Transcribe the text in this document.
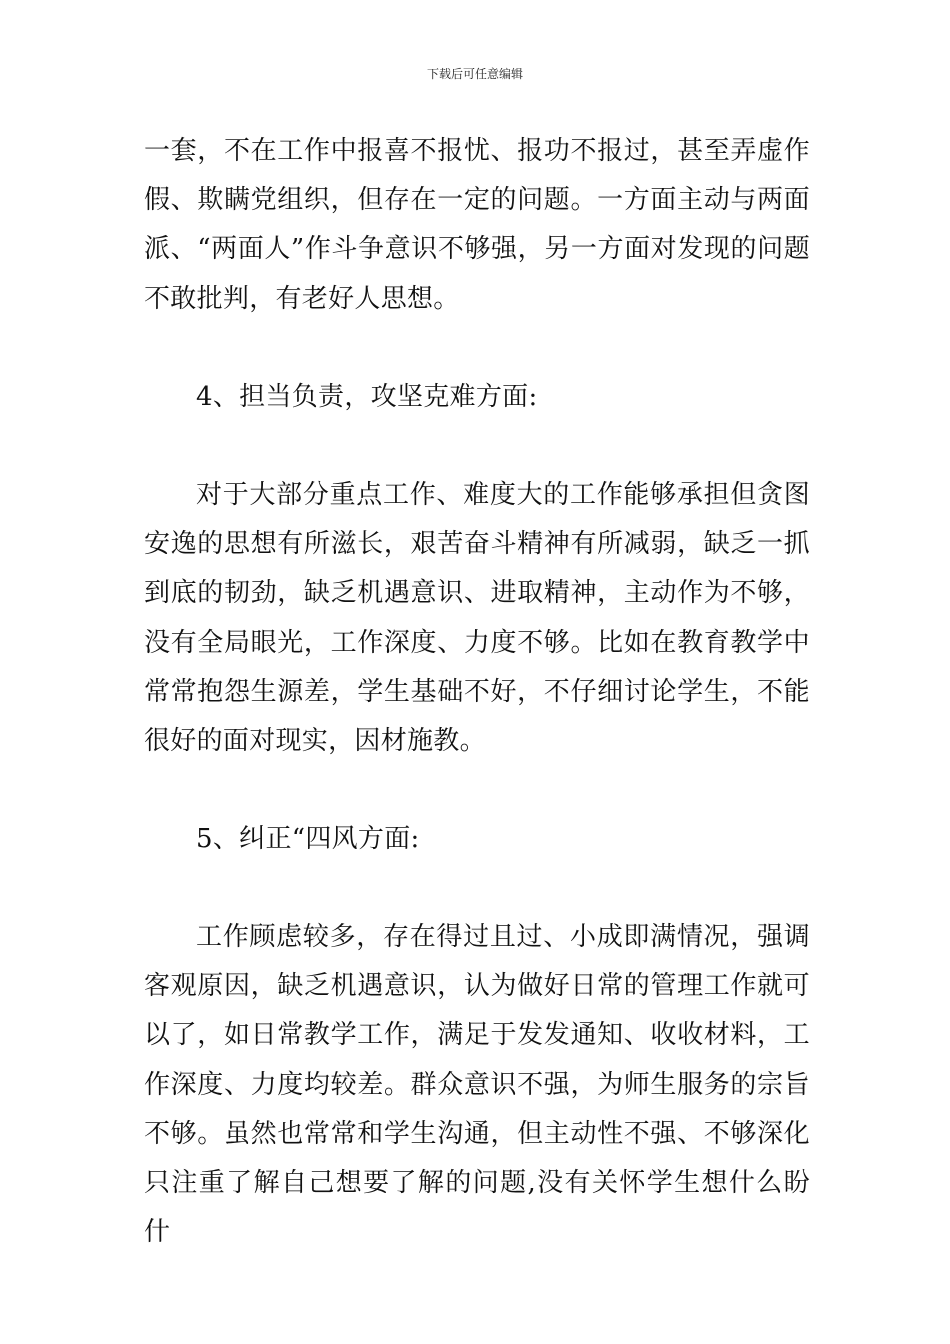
下载后可任意编辑

一套，不在工作中报喜不报忧、报功不报过，甚至弄虚作假、欺瞒党组织，但存在一定的问题。一方面主动与两面派、“两面人”作斗争意识不够强，另一方面对发现的问题不敢批判，有老好人思想。

4、担当负责，攻坚克难方面:

对于大部分重点工作、难度大的工作能够承担但贪图安逸的思想有所滋长，艰苦奋斗精神有所减弱，缺乏一抓到底的韧劲，缺乏机遇意识、进取精神，主动作为不够，没有全局眼光，工作深度、力度不够。比如在教育教学中常常抱怨生源差，学生基础不好，不仔细讨论学生，不能很好的面对现实，因材施教。

5、纠正“四风方面:

工作顾虑较多，存在得过且过、小成即满情况，强调客观原因，缺乏机遇意识，认为做好日常的管理工作就可以了，如日常教学工作，满足于发发通知、收收材料，工作深度、力度均较差。群众意识不强，为师生服务的宗旨不够。虽然也常常和学生沟通，但主动性不强、不够深化只注重了解自己想要了解的问题,没有关怀学生想什么盼什
